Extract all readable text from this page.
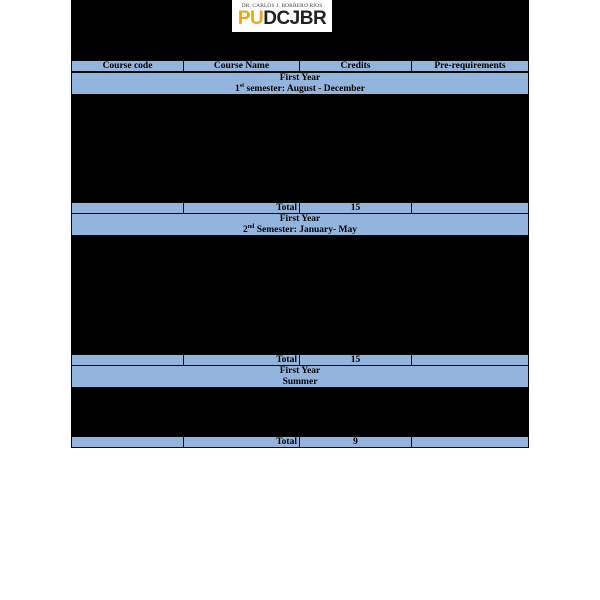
DR. CARLOS J. BORRERO RÍOS
PUDCJBR
Course code	Course Name	Credits	Pre-requirements
First Year
1st semester: August - December
Total	15
First Year
2nd Semester: January- May
Total	15
First Year
Summer
Total	9
